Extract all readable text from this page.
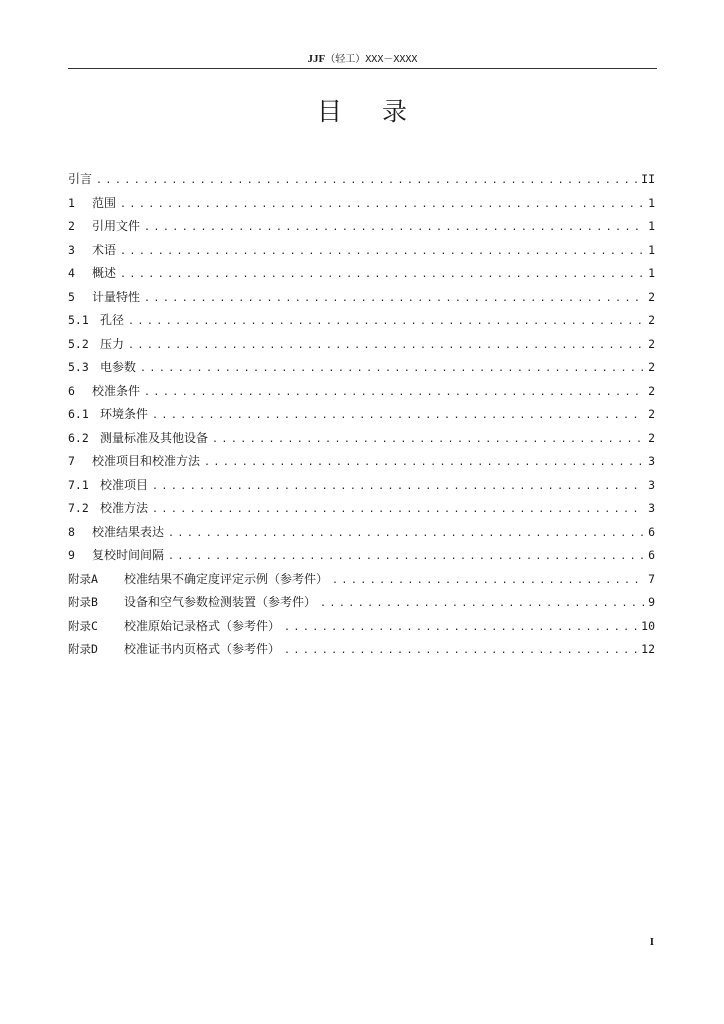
JJF（轻工）XXX－XXXX
目录
引言 .....	II
1	范围 .....	1
2	引用文件 .....	1
3	术语 .....	1
4	概述 .....	1
5	计量特性 .....	2
5.1 孔径 .....	2
5.2 压力 .....	2
5.3 电参数 .....	2
6	校准条件 .....	2
6.1 环境条件 .....	2
6.2 测量标准及其他设备 .....	2
7	校准项目和校准方法 .....	3
7.1 校准项目 .....	3
7.2 校准方法 .....	3
8	校准结果表达 .....	6
9	复校时间间隔 .....	6
附录A	校准结果不确定度评定示例（参考件） .....	7
附录B	设备和空气参数检测装置（参考件） .....	9
附录C	校准原始记录格式（参考件） .....	10
附录D	校准证书内页格式（参考件） .....	12
I
